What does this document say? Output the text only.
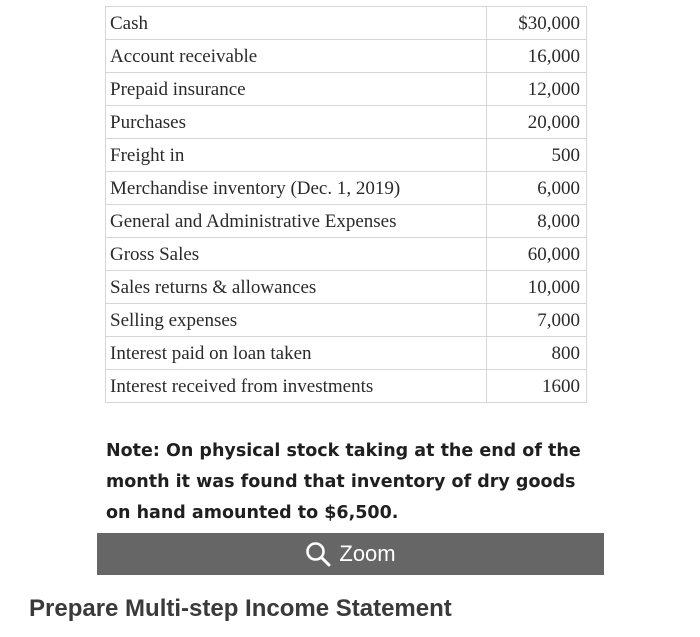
Cash	$30,000
Account receivable	16,000
Prepaid insurance	12,000
Purchases	20,000
Freight in	500
Merchandise inventory (Dec. 1, 2019)	6,000
General and Administrative Expenses	8,000
Gross Sales	60,000
Sales returns & allowances	10,000
Selling expenses	7,000
Interest paid on loan taken	800
Interest received from investments	1600

Note: On physical stock taking at the end of the month it was found that inventory of dry goods on hand amounted to $6,500.

Zoom

Prepare Multi-step Income Statement
